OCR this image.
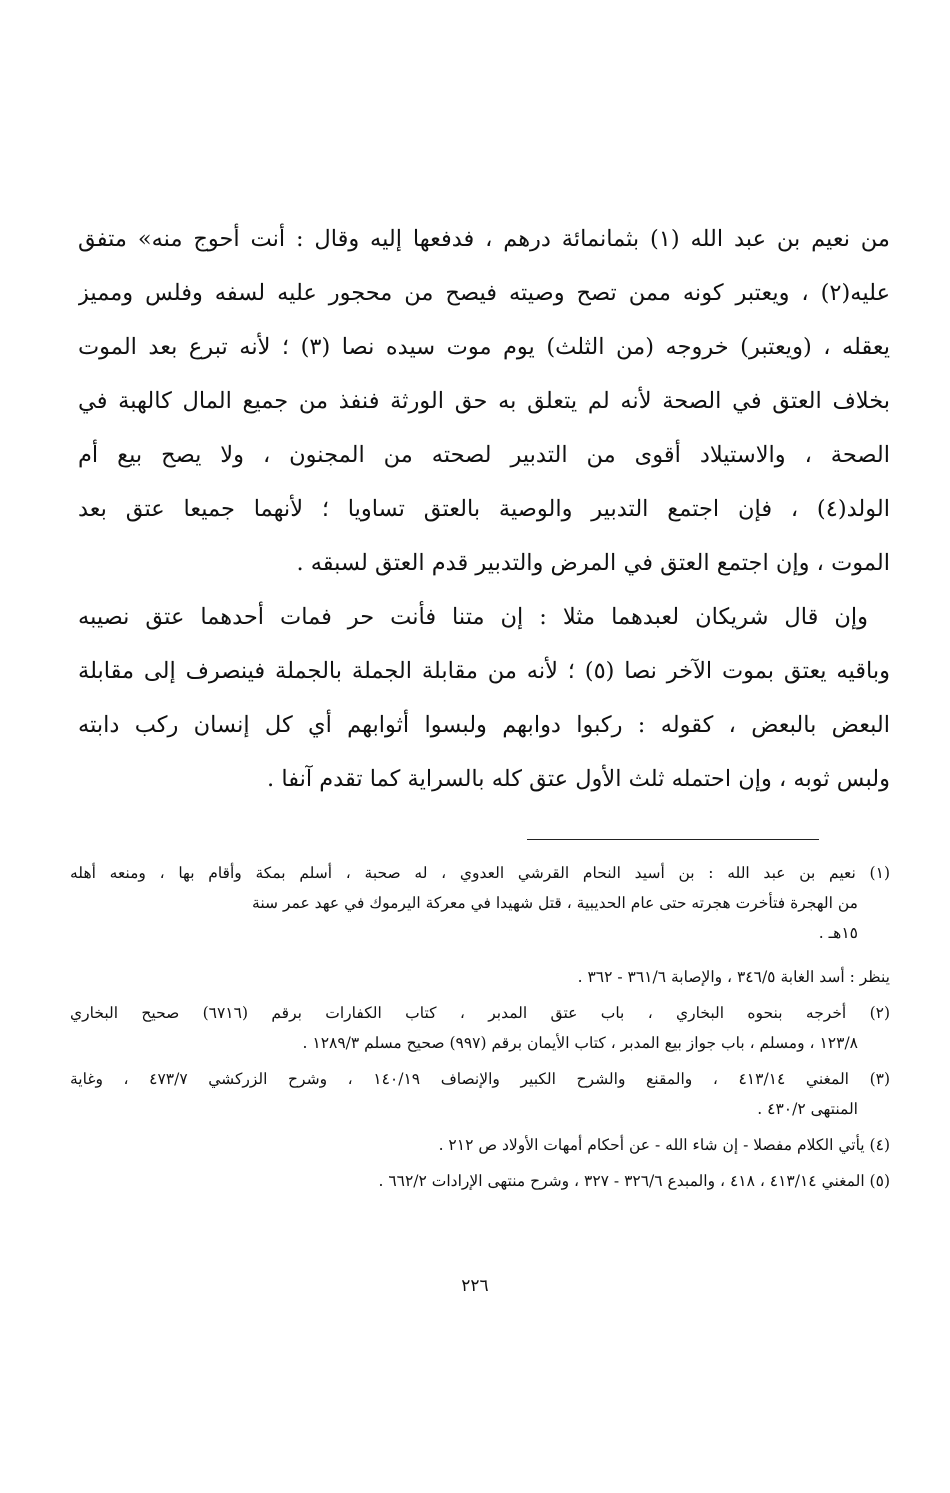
من نعيم بن عبد الله (١) بثمانمائة درهم ، فدفعها إليه وقال : أنت أحوج منه» متفق
عليه(٢) ، ويعتبر كونه ممن تصح وصيته فيصح من محجور عليه لسفه وفلس ومميز
يعقله ، (ويعتبر) خروجه (من الثلث) يوم موت سيده نصا (٣) ؛ لأنه تبرع بعد الموت
بخلاف العتق في الصحة لأنه لم يتعلق به حق الورثة فنفذ من جميع المال كالهبة في
الصحة ، والاستيلاد أقوى من التدبير لصحته من المجنون ، ولا يصح بيع أم
الولد(٤) ، فإن اجتمع التدبير والوصية بالعتق تساويا ؛ لأنهما جميعا عتق بعد
الموت ، وإن اجتمع العتق في المرض والتدبير قدم العتق لسبقه .
وإن قال شريكان لعبدهما مثلا : إن متنا فأنت حر فمات أحدهما عتق نصيبه
وباقيه يعتق بموت الآخر نصا (٥) ؛ لأنه من مقابلة الجملة بالجملة فينصرف إلى مقابلة
البعض بالبعض ، كقوله : ركبوا دوابهم ولبسوا أثوابهم أي كل إنسان ركب دابته
ولبس ثوبه ، وإن احتمله ثلث الأول عتق كله بالسراية كما تقدم آنفا .
(١) نعيم بن عبد الله : بن أسيد النحام القرشي العدوي ، له صحبة ، أسلم بمكة وأقام بها ، ومنعه أهله
من الهجرة فتأخرت هجرته حتى عام الحديبية ، قتل شهيدا في معركة اليرموك في عهد عمر سنة
١٥هـ .
ينظر : أسد الغابة ٣٤٦/٥ ، والإصابة ٣٦١/٦ - ٣٦٢ .
(٢) أخرجه بنحوه البخاري ، باب عتق المدبر ، كتاب الكفارات برقم (٦٧١٦) صحيح البخاري
١٢٣/٨ ، ومسلم ، باب جواز بيع المدبر ، كتاب الأيمان برقم (٩٩٧) صحيح مسلم ١٢٨٩/٣ .
(٣) المغني ٤١٣/١٤ ، والمقنع والشرح الكبير والإنصاف ١٤٠/١٩ ، وشرح الزركشي ٤٧٣/٧ ، وغاية
المنتهى ٤٣٠/٢ .
(٤) يأتي الكلام مفصلا - إن شاء الله - عن أحكام أمهات الأولاد ص ٢١٢ .
(٥) المغني ٤١٣/١٤ ، ٤١٨ ، والمبدع ٣٢٦/٦ - ٣٢٧ ، وشرح منتهى الإرادات ٦٦٢/٢ .
٢٢٦
